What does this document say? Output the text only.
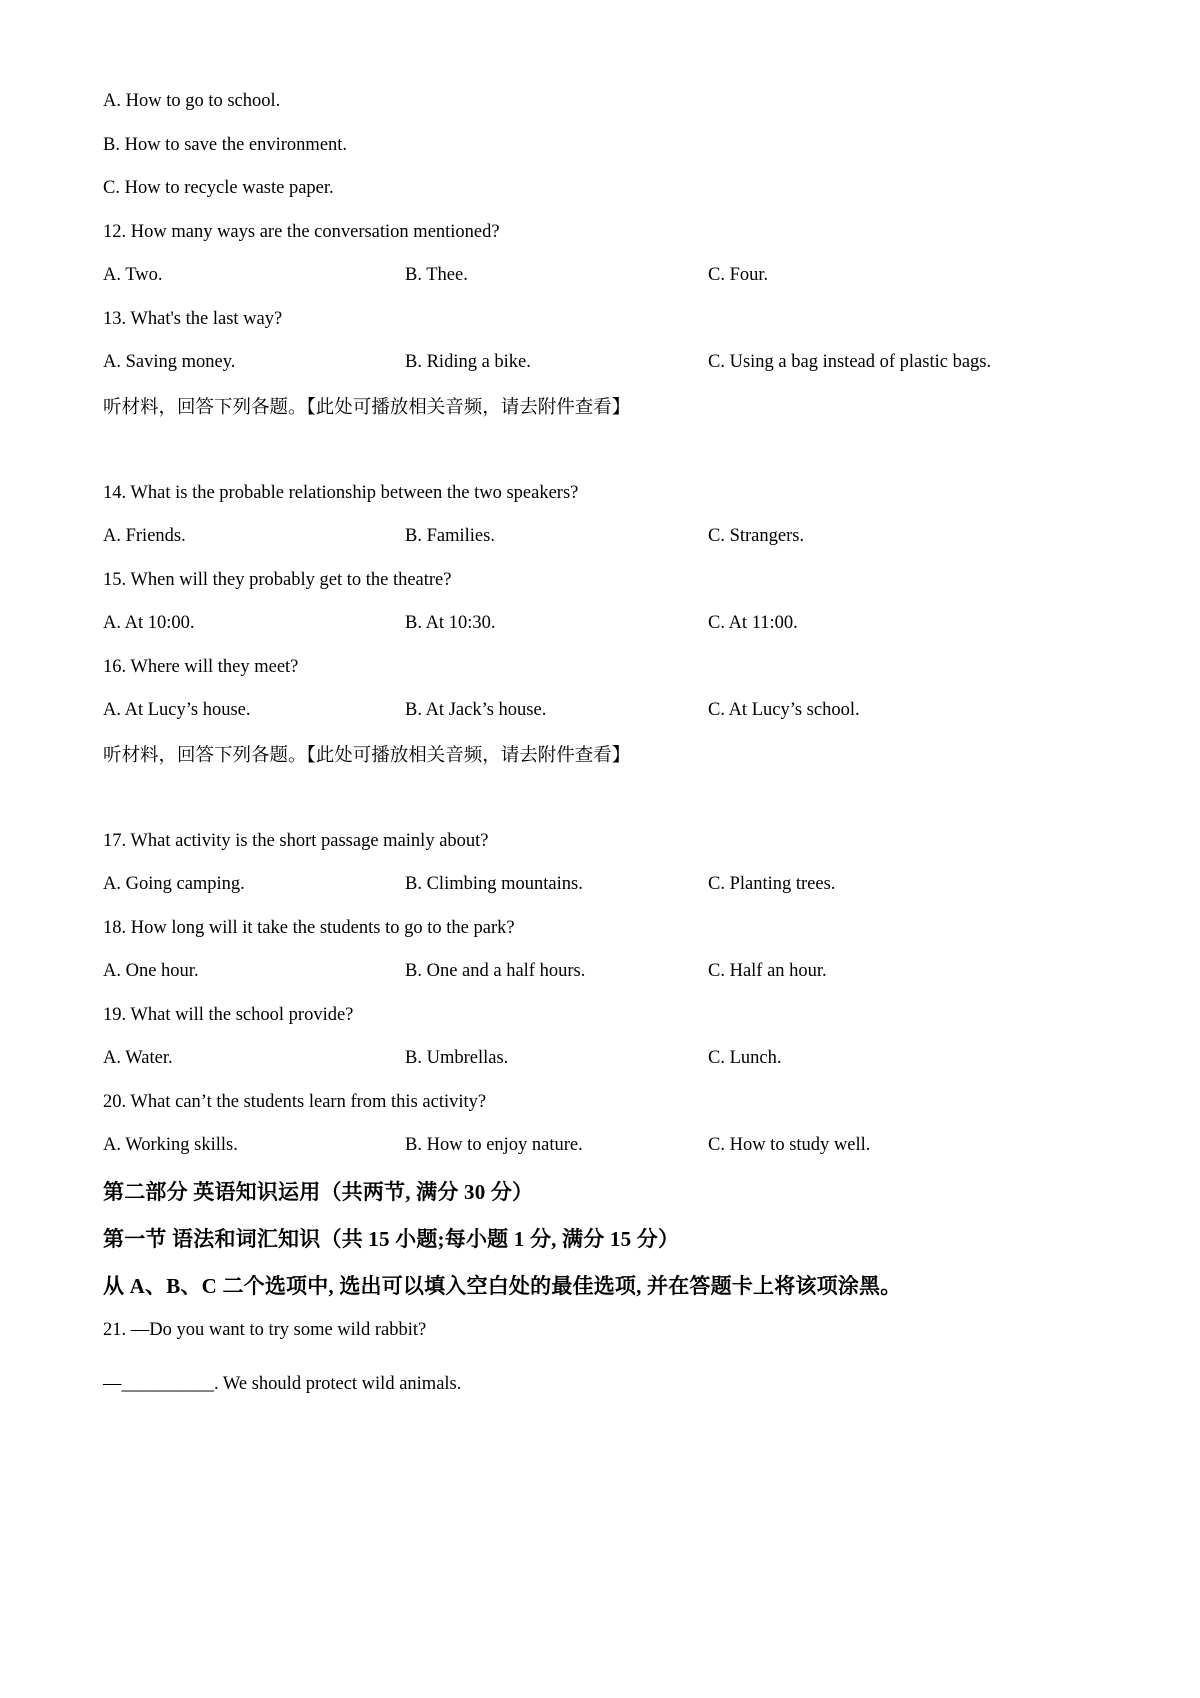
A. How to go to school.
B. How to save the environment.
C. How to recycle waste paper.
12. How many ways are the conversation mentioned?
A. Two.	B. Thee.	C. Four.
13. What's the last way?
A. Saving money.	B. Riding a bike.	C. Using a bag instead of plastic bags.
听材料，回答下列各题。【此处可播放相关音频，请去附件查看】
14. What is the probable relationship between the two speakers?
A. Friends.	B. Families.	C. Strangers.
15. When will they probably get to the theatre?
A. At 10:00.	B. At 10:30.	C. At 11:00.
16. Where will they meet?
A. At Lucy’s house.	B. At Jack’s house.	C. At Lucy’s school.
听材料，回答下列各题。【此处可播放相关音频，请去附件查看】
17. What activity is the short passage mainly about?
A. Going camping.	B. Climbing mountains.	C. Planting trees.
18. How long will it take the students to go to the park?
A. One hour.	B. One and a half hours.	C. Half an hour.
19. What will the school provide?
A. Water.	B. Umbrellas.	C. Lunch.
20. What can’t the students learn from this activity?
A. Working skills.	B. How to enjoy nature.	C. How to study well.
第二部分 英语知识运用（共两节, 满分 30 分）
第一节 语法和词汇知识（共 15 小题;每小题 1 分, 满分 15 分）
从 A、B、C 二个选项中, 选出可以填入空白处的最佳选项, 并在答题卡上将该项涂黑。
21. —Do you want to try some wild rabbit?
—__________. We should protect wild animals.
